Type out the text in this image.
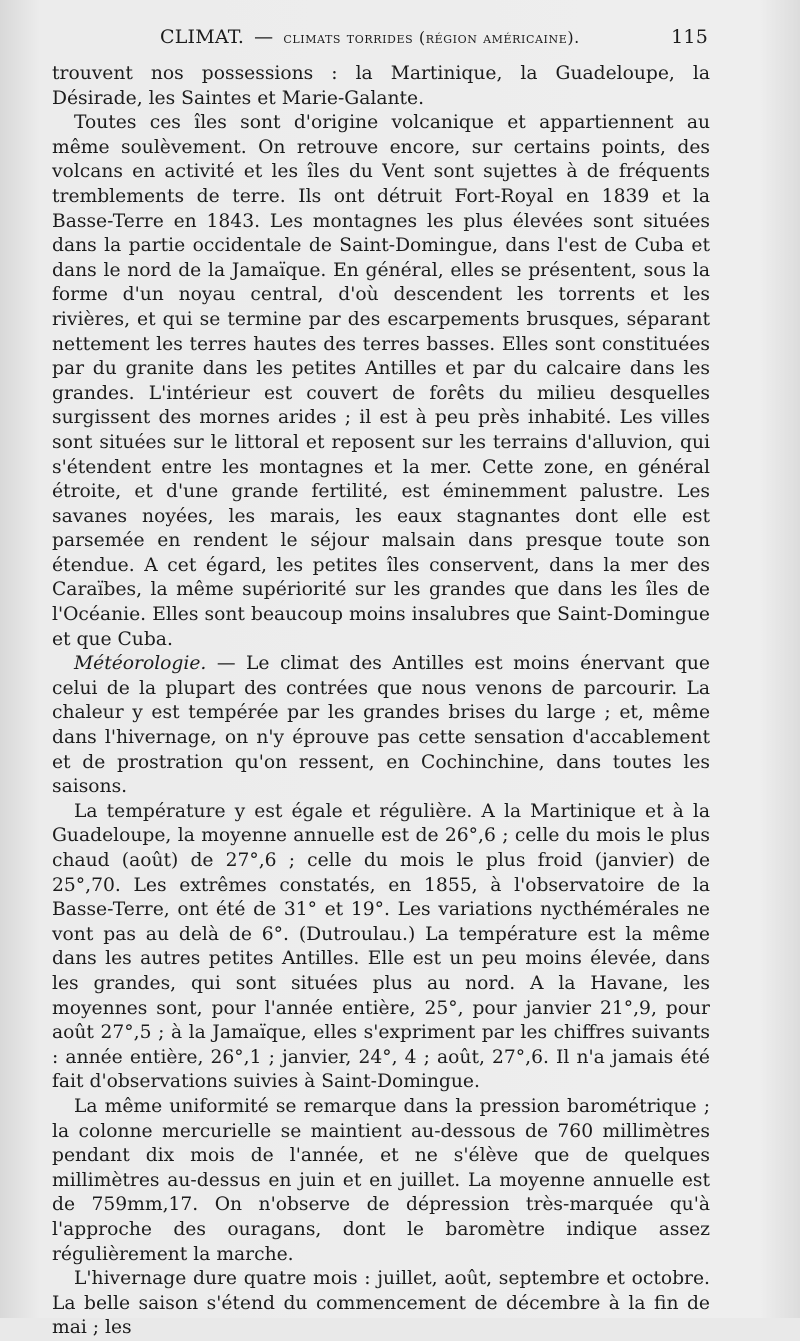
CLIMAT. — climats torrides (région américaine).	115

trouvent nos possessions : la Martinique, la Guadeloupe, la Désirade, les Saintes et Marie-Galante.

Toutes ces îles sont d'origine volcanique et appartiennent au même soulèvement. On retrouve encore, sur certains points, des volcans en activité et les îles du Vent sont sujettes à de fréquents tremblements de terre. Ils ont détruit Fort-Royal en 1839 et la Basse-Terre en 1843. Les montagnes les plus élevées sont situées dans la partie occidentale de Saint-Domingue, dans l'est de Cuba et dans le nord de la Jamaïque. En général, elles se présentent, sous la forme d'un noyau central, d'où descendent les torrents et les rivières, et qui se termine par des escarpements brusques, séparant nettement les terres hautes des terres basses. Elles sont constituées par du granite dans les petites Antilles et par du calcaire dans les grandes. L'intérieur est couvert de forêts du milieu desquelles surgissent des mornes arides ; il est à peu près inhabité. Les villes sont situées sur le littoral et reposent sur les terrains d'alluvion, qui s'étendent entre les montagnes et la mer. Cette zone, en général étroite, et d'une grande fertilité, est éminemment palustre. Les savanes noyées, les marais, les eaux stagnantes dont elle est parsemée en rendent le séjour malsain dans presque toute son étendue. A cet égard, les petites îles conservent, dans la mer des Caraïbes, la même supériorité sur les grandes que dans les îles de l'Océanie. Elles sont beaucoup moins insalubres que Saint-Domingue et que Cuba.

Météorologie. — Le climat des Antilles est moins énervant que celui de la plupart des contrées que nous venons de parcourir. La chaleur y est tempérée par les grandes brises du large ; et, même dans l'hivernage, on n'y éprouve pas cette sensation d'accablement et de prostration qu'on ressent, en Cochinchine, dans toutes les saisons.

La température y est égale et régulière. A la Martinique et à la Guadeloupe, la moyenne annuelle est de 26°,6 ; celle du mois le plus chaud (août) de 27°,6 ; celle du mois le plus froid (janvier) de 25°,70. Les extrêmes constatés, en 1855, à l'observatoire de la Basse-Terre, ont été de 31° et 19°. Les variations nycthémérales ne vont pas au delà de 6°. (Dutroulau.) La température est la même dans les autres petites Antilles. Elle est un peu moins élevée, dans les grandes, qui sont situées plus au nord. A la Havane, les moyennes sont, pour l'année entière, 25°, pour janvier 21°,9, pour août 27°,5 ; à la Jamaïque, elles s'expriment par les chiffres suivants : année entière, 26°,1 ; janvier, 24°, 4 ; août, 27°,6. Il n'a jamais été fait d'observations suivies à Saint-Domingue.

La même uniformité se remarque dans la pression barométrique ; la colonne mercurielle se maintient au-dessous de 760 millimètres pendant dix mois de l'année, et ne s'élève que de quelques millimètres au-dessus en juin et en juillet. La moyenne annuelle est de 759mm,17. On n'observe de dépression très-marquée qu'à l'approche des ouragans, dont le baromètre indique assez régulièrement la marche.

L'hivernage dure quatre mois : juillet, août, septembre et octobre. La belle saison s'étend du commencement de décembre à la fin de mai ; les
